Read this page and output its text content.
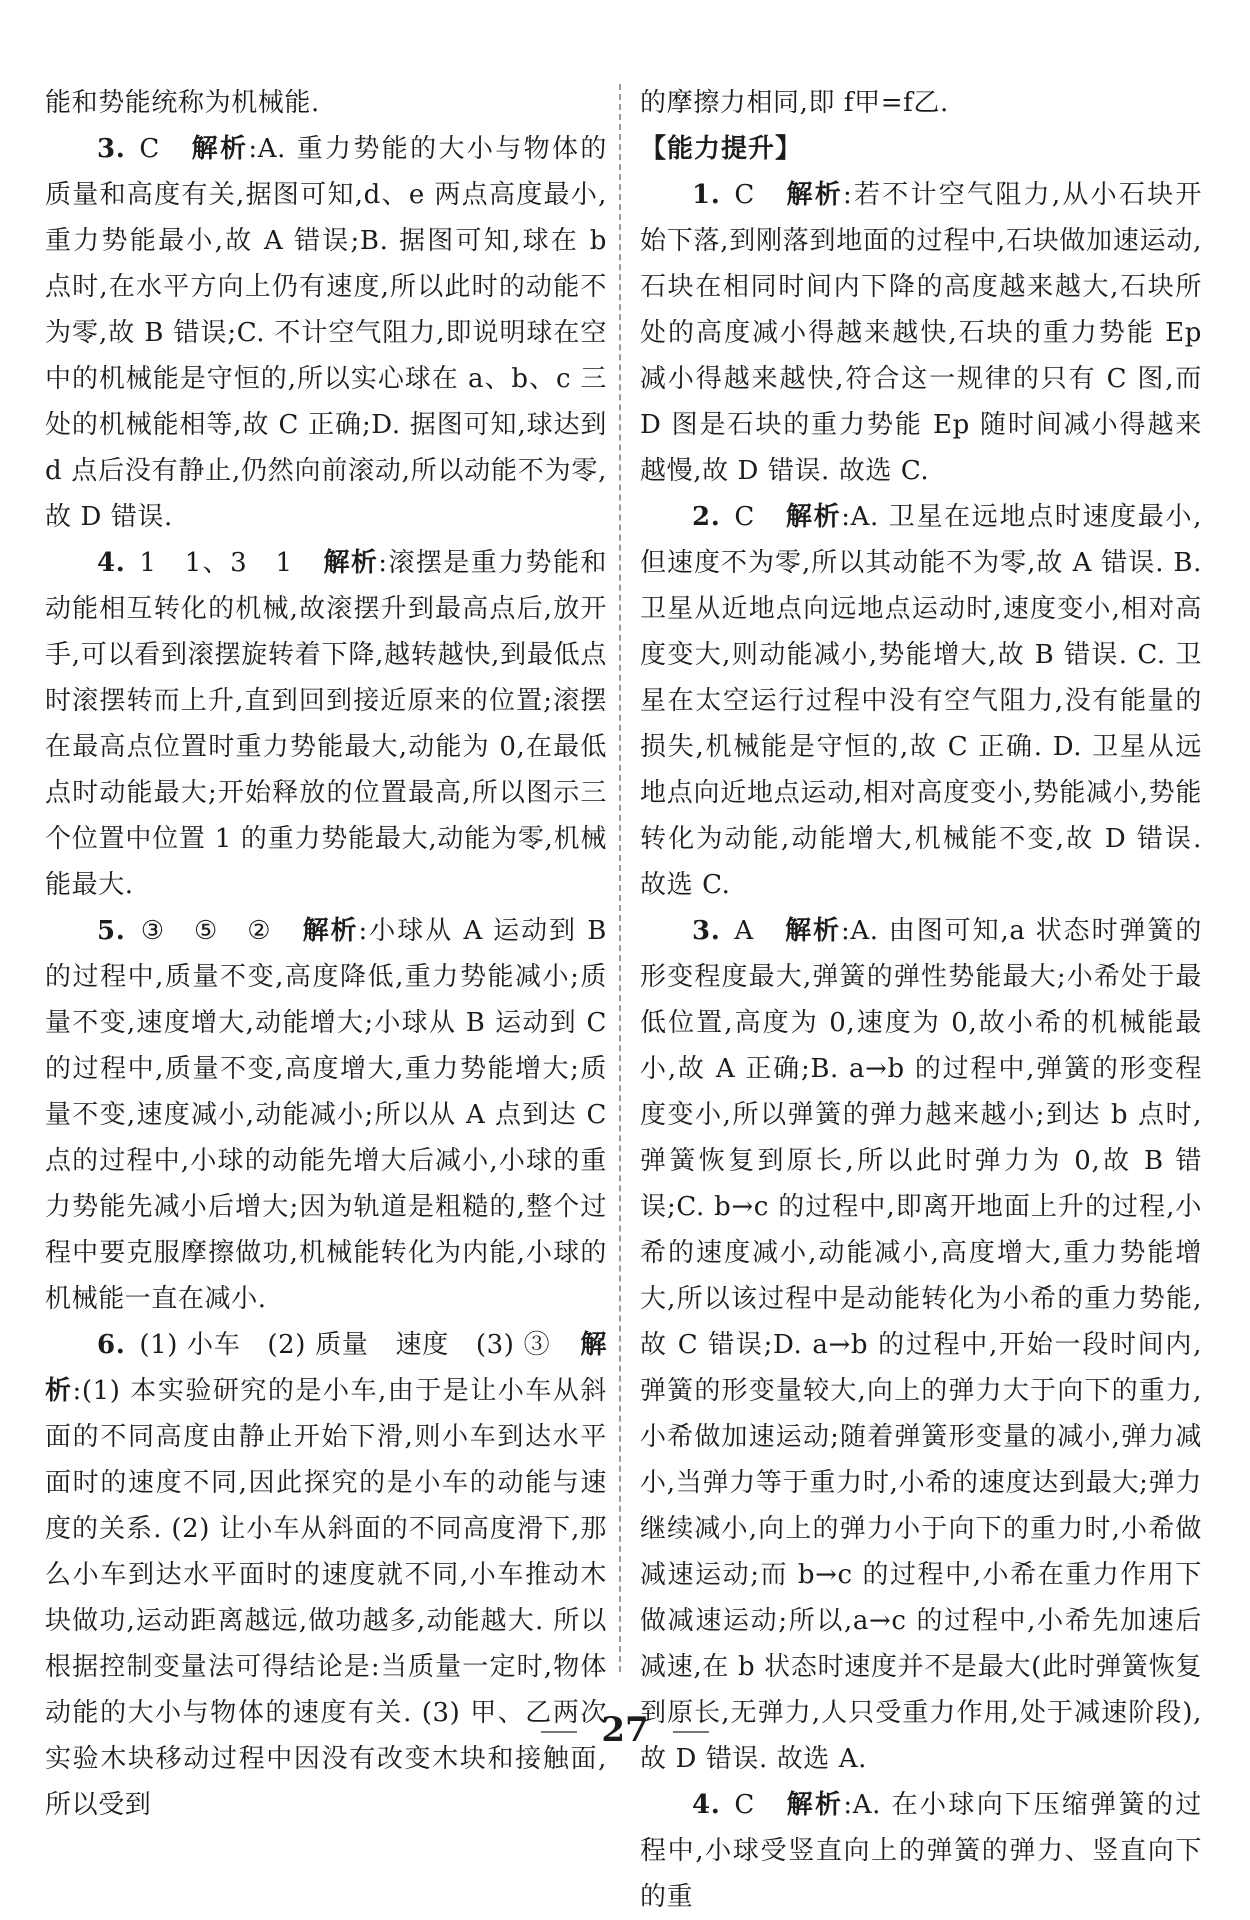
能和势能统称为机械能.

3. C 解析:A. 重力势能的大小与物体的质量和高度有关,据图可知,d、e 两点高度最小,重力势能最小,故 A 错误;B. 据图可知,球在 b 点时,在水平方向上仍有速度,所以此时的动能不为零,故 B 错误;C. 不计空气阻力,即说明球在空中的机械能是守恒的,所以实心球在 a、b、c 三处的机械能相等,故 C 正确;D. 据图可知,球达到 d 点后没有静止,仍然向前滚动,所以动能不为零,故 D 错误.

4. 1　1、3　1 解析:滚摆是重力势能和动能相互转化的机械,故滚摆升到最高点后,放开手,可以看到滚摆旋转着下降,越转越快,到最低点时滚摆转而上升,直到回到接近原来的位置;滚摆在最高点位置时重力势能最大,动能为 0,在最低点时动能最大;开始释放的位置最高,所以图示三个位置中位置 1 的重力势能最大,动能为零,机械能最大.

5. ③　⑤　② 解析:小球从 A 运动到 B 的过程中,质量不变,高度降低,重力势能减小;质量不变,速度增大,动能增大;小球从 B 运动到 C 的过程中,质量不变,高度增大,重力势能增大;质量不变,速度减小,动能减小;所以从 A 点到达 C 点的过程中,小球的动能先增大后减小,小球的重力势能先减小后增大;因为轨道是粗糙的,整个过程中要克服摩擦做功,机械能转化为内能,小球的机械能一直在减小.

6. (1) 小车　(2) 质量　速度　(3) ③ 解析:(1) 本实验研究的是小车,由于是让小车从斜面的不同高度由静止开始下滑,则小车到达水平面时的速度不同,因此探究的是小车的动能与速度的关系. (2) 让小车从斜面的不同高度滑下,那么小车到达水平面时的速度就不同,小车推动木块做功,运动距离越远,做功越多,动能越大. 所以根据控制变量法可得结论是:当质量一定时,物体动能的大小与物体的速度有关. (3) 甲、乙两次实验木块移动过程中因没有改变木块和接触面,所以受到

的摩擦力相同,即 f甲=f乙.

【能力提升】

1. C 解析:若不计空气阻力,从小石块开始下落,到刚落到地面的过程中,石块做加速运动,石块在相同时间内下降的高度越来越大,石块所处的高度减小得越来越快,石块的重力势能 Ep 减小得越来越快,符合这一规律的只有 C 图,而 D 图是石块的重力势能 Ep 随时间减小得越来越慢,故 D 错误. 故选 C.

2. C 解析:A. 卫星在远地点时速度最小,但速度不为零,所以其动能不为零,故 A 错误. B. 卫星从近地点向远地点运动时,速度变小,相对高度变大,则动能减小,势能增大,故 B 错误. C. 卫星在太空运行过程中没有空气阻力,没有能量的损失,机械能是守恒的,故 C 正确. D. 卫星从远地点向近地点运动,相对高度变小,势能减小,势能转化为动能,动能增大,机械能不变,故 D 错误. 故选 C.

3. A 解析:A. 由图可知,a 状态时弹簧的形变程度最大,弹簧的弹性势能最大;小希处于最低位置,高度为 0,速度为 0,故小希的机械能最小,故 A 正确;B. a→b 的过程中,弹簧的形变程度变小,所以弹簧的弹力越来越小;到达 b 点时,弹簧恢复到原长,所以此时弹力为 0,故 B 错误;C. b→c 的过程中,即离开地面上升的过程,小希的速度减小,动能减小,高度增大,重力势能增大,所以该过程中是动能转化为小希的重力势能,故 C 错误;D. a→b 的过程中,开始一段时间内,弹簧的形变量较大,向上的弹力大于向下的重力,小希做加速运动;随着弹簧形变量的减小,弹力减小,当弹力等于重力时,小希的速度达到最大;弹力继续减小,向上的弹力小于向下的重力时,小希做减速运动;而 b→c 的过程中,小希在重力作用下做减速运动;所以,a→c 的过程中,小希先加速后减速,在 b 状态时速度并不是最大(此时弹簧恢复到原长,无弹力,人只受重力作用,处于减速阶段),故 D 错误. 故选 A.

4. C 解析:A. 在小球向下压缩弹簧的过程中,小球受竖直向上的弹簧的弹力、竖直向下的重

27
